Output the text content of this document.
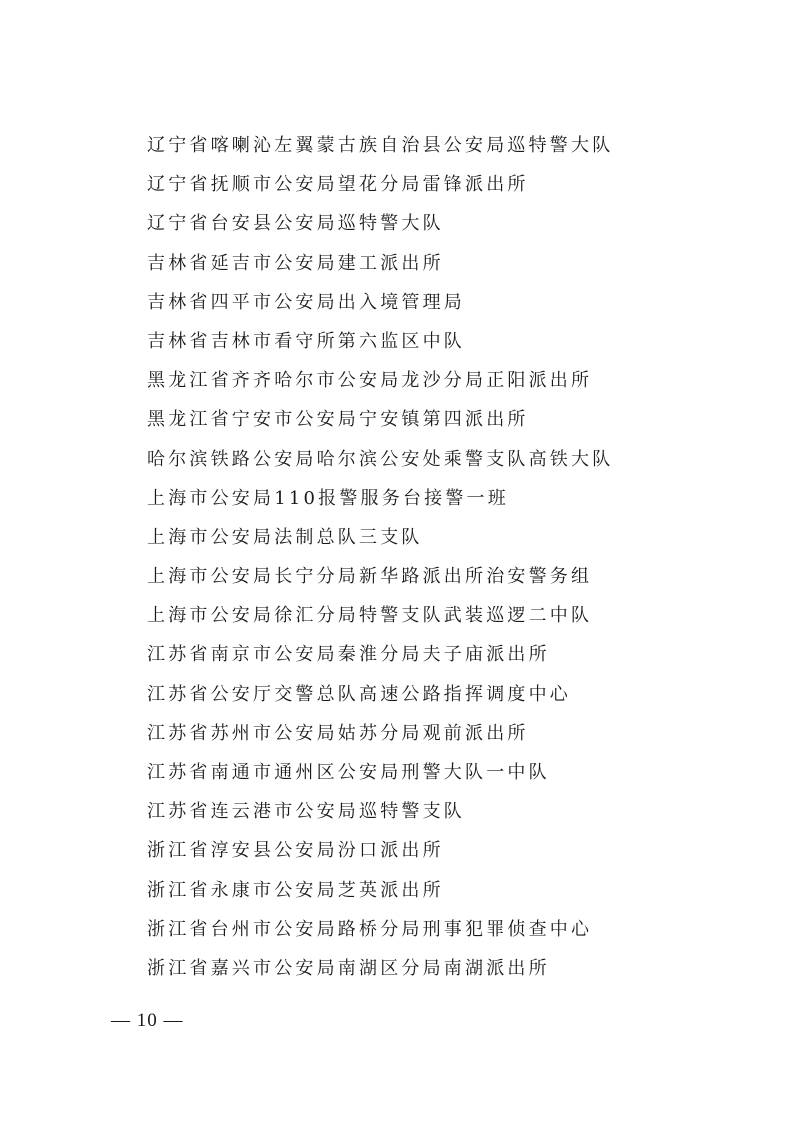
辽宁省喀喇沁左翼蒙古族自治县公安局巡特警大队
辽宁省抚顺市公安局望花分局雷锋派出所
辽宁省台安县公安局巡特警大队
吉林省延吉市公安局建工派出所
吉林省四平市公安局出入境管理局
吉林省吉林市看守所第六监区中队
黑龙江省齐齐哈尔市公安局龙沙分局正阳派出所
黑龙江省宁安市公安局宁安镇第四派出所
哈尔滨铁路公安局哈尔滨公安处乘警支队高铁大队
上海市公安局110报警服务台接警一班
上海市公安局法制总队三支队
上海市公安局长宁分局新华路派出所治安警务组
上海市公安局徐汇分局特警支队武装巡逻二中队
江苏省南京市公安局秦淮分局夫子庙派出所
江苏省公安厅交警总队高速公路指挥调度中心
江苏省苏州市公安局姑苏分局观前派出所
江苏省南通市通州区公安局刑警大队一中队
江苏省连云港市公安局巡特警支队
浙江省淳安县公安局汾口派出所
浙江省永康市公安局芝英派出所
浙江省台州市公安局路桥分局刑事犯罪侦查中心
浙江省嘉兴市公安局南湖区分局南湖派出所
— 10 —
